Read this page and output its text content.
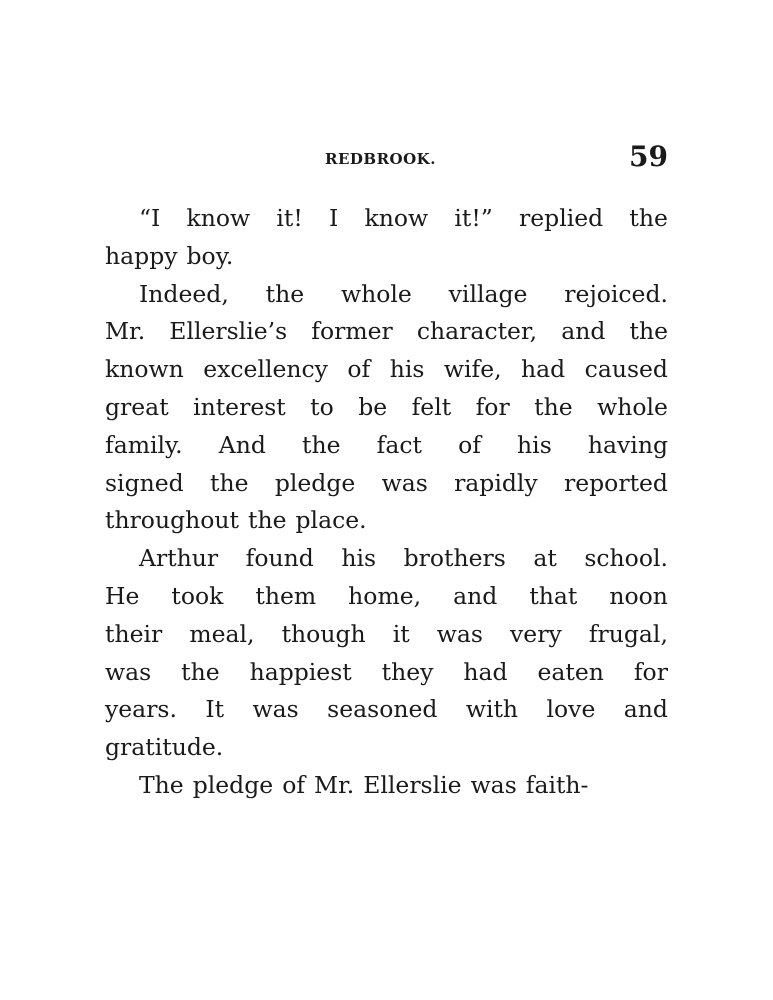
REDBROOK.	59
“I know it! I know it!” replied the
happy boy.
Indeed, the whole village rejoiced.
Mr. Ellerslie’s former character, and the
known excellency of his wife, had caused
great interest to be felt for the whole
family. And the fact of his having
signed the pledge was rapidly reported
throughout the place.
Arthur found his brothers at school.
He took them home, and that noon
their meal, though it was very frugal,
was the happiest they had eaten for
years. It was seasoned with love and
gratitude.
The pledge of Mr. Ellerslie was faith-
